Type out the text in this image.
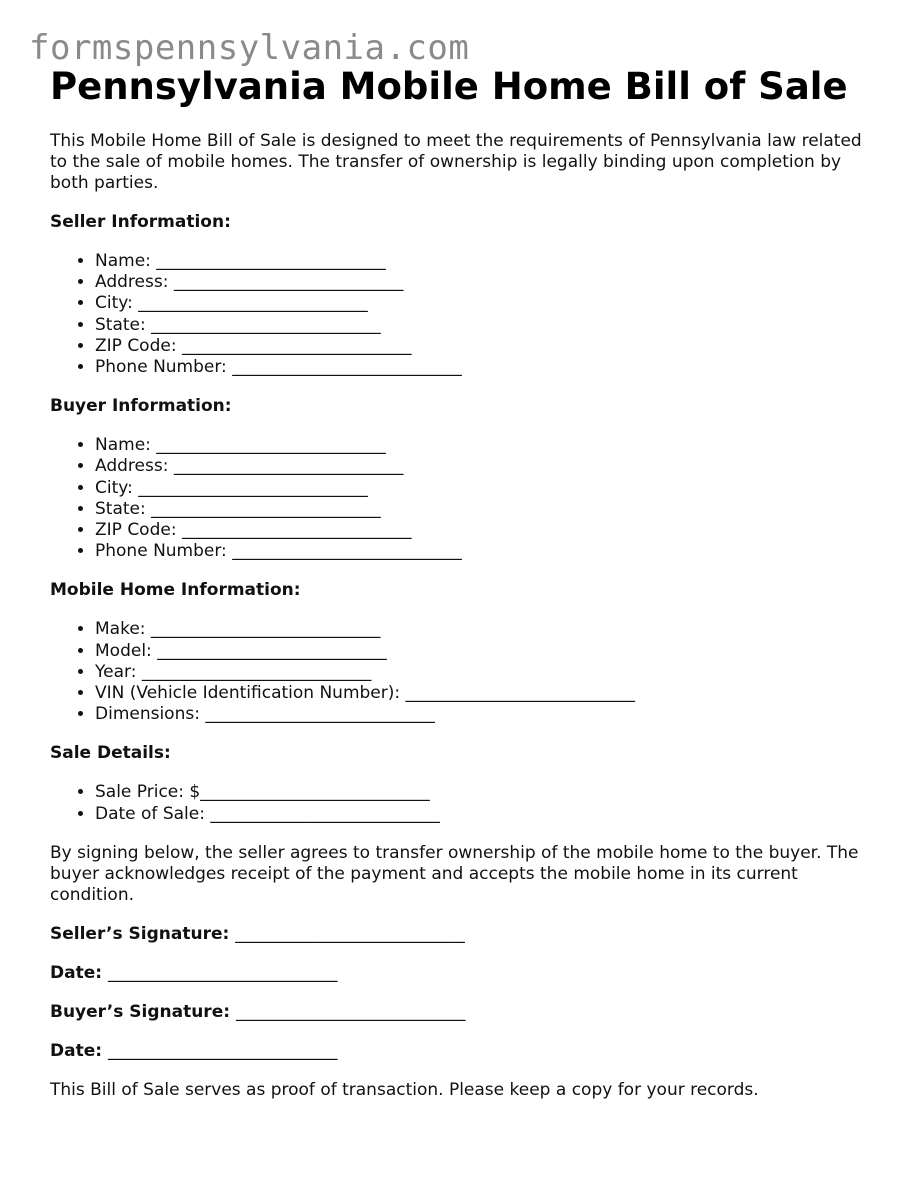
formspennsylvania.com
Pennsylvania Mobile Home Bill of Sale

This Mobile Home Bill of Sale is designed to meet the requirements of Pennsylvania law related to the sale of mobile homes. The transfer of ownership is legally binding upon completion by both parties.

Seller Information:
• Name: ___________________________
• Address: ___________________________
• City: ___________________________
• State: ___________________________
• ZIP Code: ___________________________
• Phone Number: ___________________________
Buyer Information:
• Name: ___________________________
• Address: ___________________________
• City: ___________________________
• State: ___________________________
• ZIP Code: ___________________________
• Phone Number: ___________________________
Mobile Home Information:
• Make: ___________________________
• Model: ___________________________
• Year: ___________________________
• VIN (Vehicle Identification Number): ___________________________
• Dimensions: ___________________________
Sale Details:
• Sale Price: $___________________________
• Date of Sale: ___________________________

By signing below, the seller agrees to transfer ownership of the mobile home to the buyer. The buyer acknowledges receipt of the payment and accepts the mobile home in its current condition.

Seller’s Signature: ___________________________
Date: ___________________________
Buyer’s Signature: ___________________________
Date: ___________________________

This Bill of Sale serves as proof of transaction. Please keep a copy for your records.
